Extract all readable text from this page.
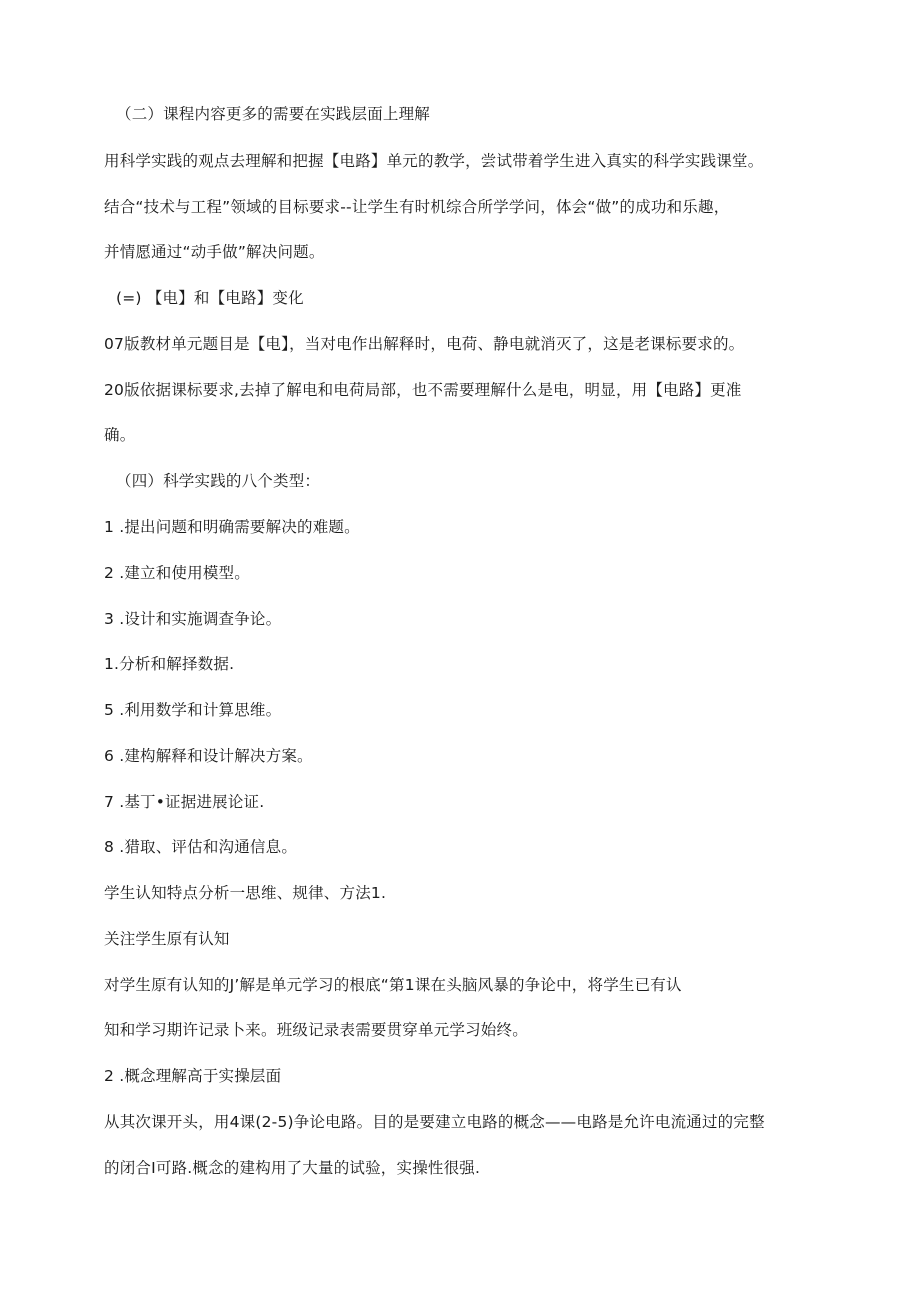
（二）课程内容更多的需要在实践层面上理解
用科学实践的观点去理解和把握【电路】单元的教学，尝试带着学生进入真实的科学实践课堂。
结合“技术与工程”领域的目标要求--让学生有时机综合所学学问，体会“做”的成功和乐趣，
并情愿通过“动手做”解决问题。
(=) 【电】和【电路】变化
07版教材单元题目是【电】，当对电作出解释时，电荷、静电就消灭了，这是老课标要求的。
20版依据课标要求,去掉了解电和电荷局部，也不需要理解什么是电，明显，用【电路】更准
确。
（四）科学实践的八个类型：
1 .提出问题和明确需要解决的难题。
2 .建立和使用模型。
3 .设计和实施调查争论。
1.分析和解择数据.
5 .利用数学和计算思维。
6 .建构解释和设计解决方案。
7 .基丁•证据进展论证.
8 .猎取、评估和沟通信息。
学生认知特点分析一思维、规律、方法1.
关注学生原有认知
对学生原有认知的J’解是单元学习的根底“第1课在头脑风暴的争论中，将学生已有认
知和学习期许记录卜来。班级记录表需要贯穿单元学习始终。
2 .概念理解高于实操层面
从其次课开头，用4课(2-5)争论电路。目的是要建立电路的概念——电路是允许电流通过的完整
的闭合I可路.概念的建构用了大量的试验，实操性很强.
